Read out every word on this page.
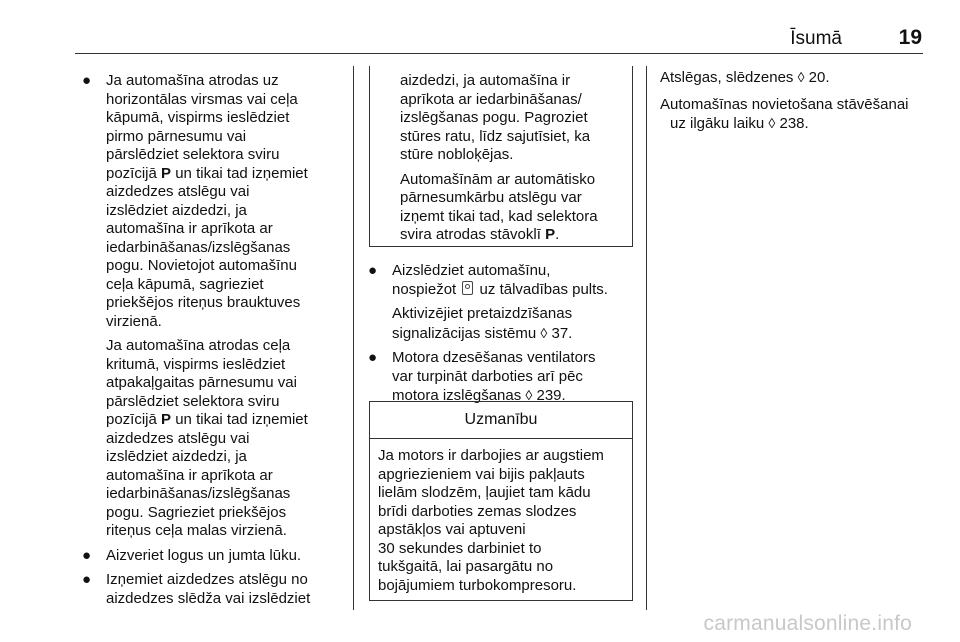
Īsumā	19
● Ja automašīna atrodas uz
horizontālas virsmas vai ceļa
kāpumā, vispirms ieslēdziet
pirmo pārnesumu vai
pārslēdziet selektora sviru
pozīcijā P un tikai tad izņemiet
aizdedzes atslēgu vai
izslēdziet aizdedzi, ja
automašīna ir aprīkota ar
iedarbināšanas/izslēgšanas
pogu. Novietojot automašīnu
ceļa kāpumā, sagrieziet
priekšējos riteņus brauktuves
virzienā.
Ja automašīna atrodas ceļa
kritumā, vispirms ieslēdziet
atpakaļgaitas pārnesumu vai
pārslēdziet selektora sviru
pozīcijā P un tikai tad izņemiet
aizdedzes atslēgu vai
izslēdziet aizdedzi, ja
automašīna ir aprīkota ar
iedarbināšanas/izslēgšanas
pogu. Sagrieziet priekšējos
riteņus ceļa malas virzienā.
● Aizveriet logus un jumta lūku.
● Izņemiet aizdedzes atslēgu no
aizdedzes slēdža vai izslēdziet

aizdedzi, ja automašīna ir
aprīkota ar iedarbināšanas/
izslēgšanas pogu. Pagroziet
stūres ratu, līdz sajutīsiet, ka
stūre nobloķējas.

Automašīnām ar automātisko
pārnesumkārbu atslēgu var
izņemt tikai tad, kad selektora
svira atrodas stāvoklī P.

● Aizslēdziet automašīnu,
nospiežot  uz tālvadības pults.
Aktivizējiet pretaizdzīšanas
signalizācijas sistēmu ◊ 37.
● Motora dzesēšanas ventilators
var turpināt darboties arī pēc
motora izslēgšanas ◊ 239.
Uzmanību
Ja motors ir darbojies ar augstiem
apgriezieniem vai bijis pakļauts
lielām slodzēm, ļaujiet tam kādu
brīdi darboties zemas slodzes
apstākļos vai aptuveni
30 sekundes darbiniet to
tukšgaitā, lai pasargātu no
bojājumiem turbokompresoru.

Atslēgas, slēdzenes ◊ 20.

Automašīnas novietošana stāvēšanai

uz ilgāku laiku ◊ 238.

carmanualsonline.info
